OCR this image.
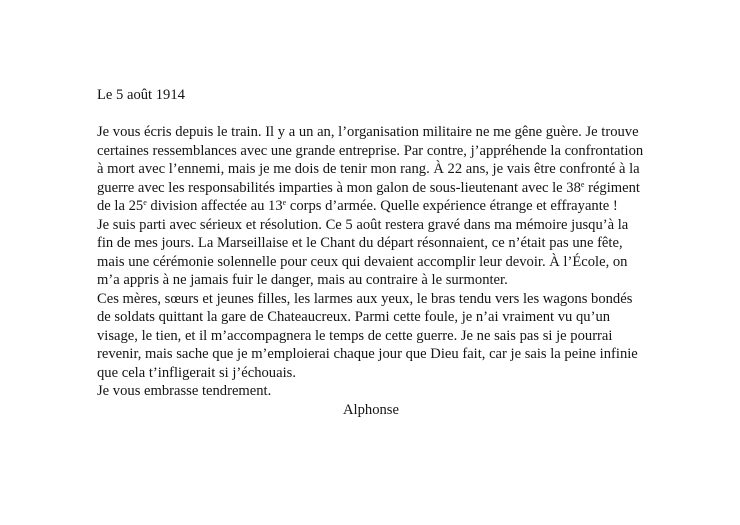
Le 5 août 1914

Je vous écris depuis le train. Il y a un an, l’organisation militaire ne me gêne guère. Je trouve certaines ressemblances avec une grande entreprise. Par contre, j’appréhende la confrontation à mort avec l’ennemi, mais je me dois de tenir mon rang. À 22 ans, je vais être confronté à la guerre avec les responsabilités imparties à mon galon de sous-lieutenant avec le 38e régiment de la 25e division affectée au 13e corps d’armée. Quelle expérience étrange et effrayante !

Je suis parti avec sérieux et résolution. Ce 5 août restera gravé dans ma mémoire jusqu’à la fin de mes jours. La Marseillaise et le Chant du départ résonnaient, ce n’était pas une fête, mais une cérémonie solennelle pour ceux qui devaient accomplir leur devoir. À l’École, on m’a appris à ne jamais fuir le danger, mais au contraire à le surmonter.

Ces mères, sœurs et jeunes filles, les larmes aux yeux, le bras tendu vers les wagons bondés de soldats quittant la gare de Chateaucreux. Parmi cette foule, je n’ai vraiment vu qu’un visage, le tien, et il m’accompagnera le temps de cette guerre. Je ne sais pas si je pourrai revenir, mais sache que je m’emploierai chaque jour que Dieu fait, car je sais la peine infinie que cela t’infligerait si j’échouais.

Je vous embrasse tendrement.

Alphonse
